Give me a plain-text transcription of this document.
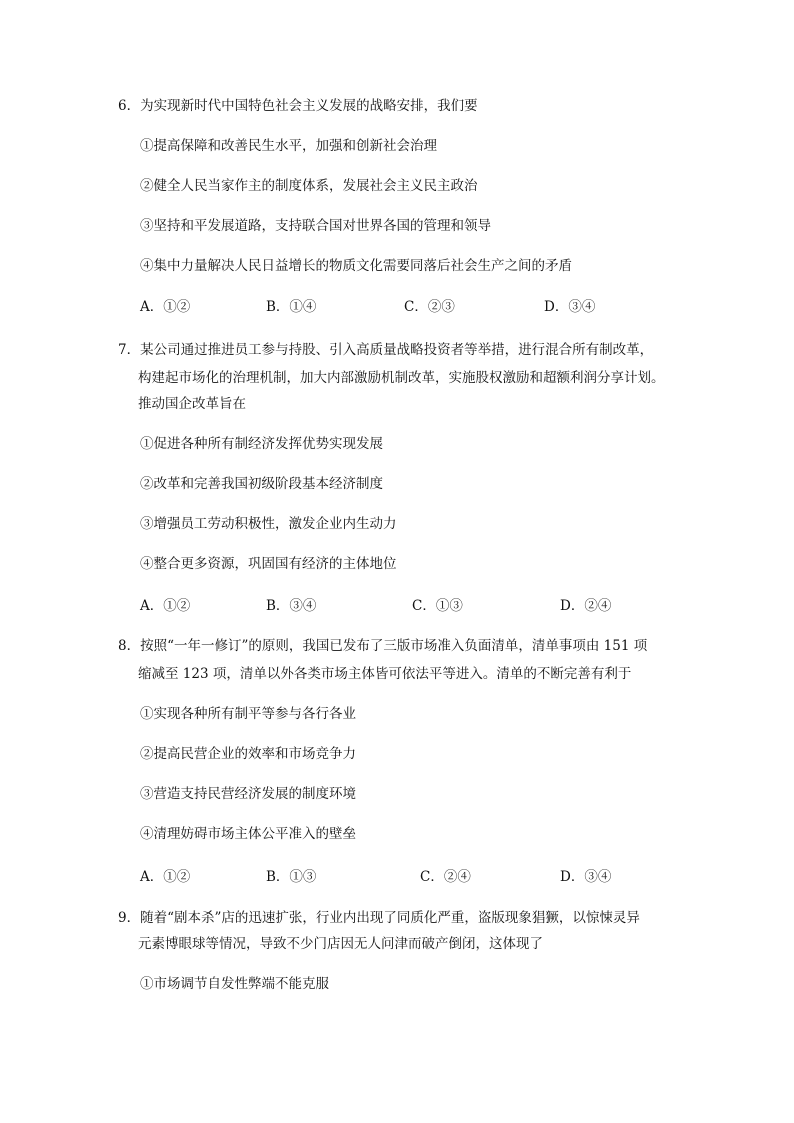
6．为实现新时代中国特色社会主义发展的战略安排，我们要
①提高保障和改善民生水平，加强和创新社会治理
②健全人民当家作主的制度体系，发展社会主义民主政治
③坚持和平发展道路，支持联合国对世界各国的管理和领导
④集中力量解决人民日益增长的物质文化需要同落后社会生产之间的矛盾
A．①②	B．①④	C．②③	D．③④
7．某公司通过推进员工参与持股、引入高质量战略投资者等举措，进行混合所有制改革，
构建起市场化的治理机制，加大内部激励机制改革，实施股权激励和超额利润分享计划。
推动国企改革旨在
①促进各种所有制经济发挥优势实现发展
②改革和完善我国初级阶段基本经济制度
③增强员工劳动积极性，激发企业内生动力
④整合更多资源，巩固国有经济的主体地位
A．①②	B．③④	C．①③	D．②④
8．按照“一年一修订”的原则，我国已发布了三版市场准入负面清单，清单事项由 151 项
缩减至 123 项，清单以外各类市场主体皆可依法平等进入。清单的不断完善有利于
①实现各种所有制平等参与各行各业
②提高民营企业的效率和市场竞争力
③营造支持民营经济发展的制度环境
④清理妨碍市场主体公平准入的壁垒
A．①②	B．①③	C．②④	D．③④
9．随着“剧本杀”店的迅速扩张，行业内出现了同质化严重，盗版现象猖獗，以惊悚灵异
元素博眼球等情况，导致不少门店因无人问津而破产倒闭，这体现了
①市场调节自发性弊端不能克服
